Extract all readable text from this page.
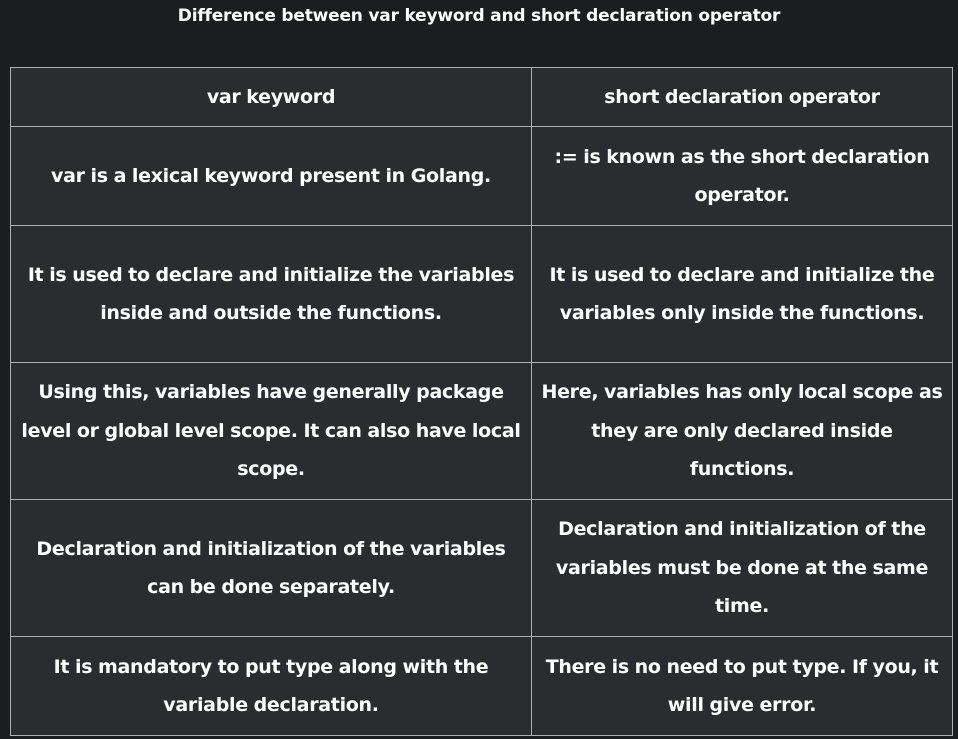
Difference between var keyword and short declaration operator
var keyword	short declaration operator
var is a lexical keyword present in Golang.	:= is known as the short declaration operator.
It is used to declare and initialize the variables inside and outside the functions.	It is used to declare and initialize the variables only inside the functions.
Using this, variables have generally package level or global level scope. It can also have local scope.	Here, variables has only local scope as they are only declared inside functions.
Declaration and initialization of the variables can be done separately.	Declaration and initialization of the variables must be done at the same time.
It is mandatory to put type along with the variable declaration.	There is no need to put type. If you, it will give error.
